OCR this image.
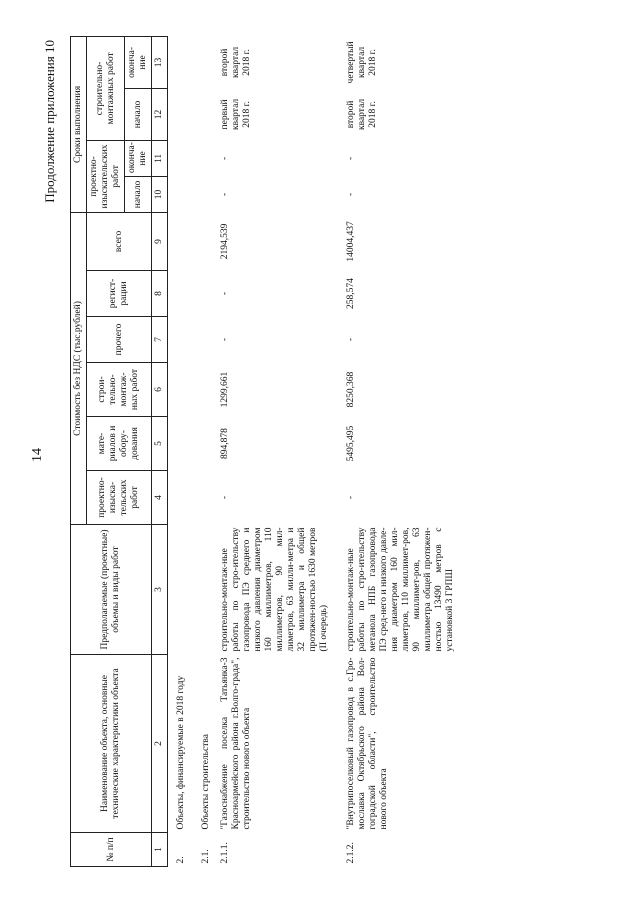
14
Продолжение приложения 10
№ п/п	Наименование объекта, основные технические характеристики объекта	Предполагаемые (проектные) объемы и виды работ	Стоимость без НДС (тыс.рублей)						Сроки выполнения			
			проектно-изыска-тельских работ	мате-риалов и обору-дования	строи-тельно-монтаж-ных работ	прочего	регист-рации	всего	проектно-изыскательских работ		строительно-монтажных работ	
									начало	оконча-ние	начало	оконча-ние
1	2	3	4	5	6	7	8	9	10	11	12	13
2.	Объекты, финансируемые в 2018 году											
2.1.	Объекты строительства											
2.1.1.	"Газоснабжение поселка Татьянка-3 Красноармейского района г.Волго-града", строительство нового объекта	строительно-монтаж-ные работы по стро-ительству газопровода ПЭ среднего и низкого давления диаметром 160 миллиметров, 110 миллиметров, 90 мил-лиметров, 63 милли-метра и 32 миллиметра и общей протяжен-ностью 1630 метров (II очередь)	-	894,878	1299,661	-	-	2194,539	-	-	первый квартал 2018 г.	второй квартал 2018 г.
2.1.2.	"Внутрипоселковый газопровод в с.Гро-мославка Октябрьского района Вол-гоградской области", строительство нового объекта	строительно-монтаж-ные работы по стро-ительству метанола НПБ газопровода ПЭ сред-него и низкого давле-ния диаметром 160 мил-лиметров, 110 миллимет-ров, 90 миллимет-ров, 63 миллиметра общей протяжен-ностью 13490 метров с установкой 3 ГРПШ	-	5495,495	8250,368	-	258,574	14004,437	-	-	второй квартал 2018 г.	четвертый квартал 2018 г.
